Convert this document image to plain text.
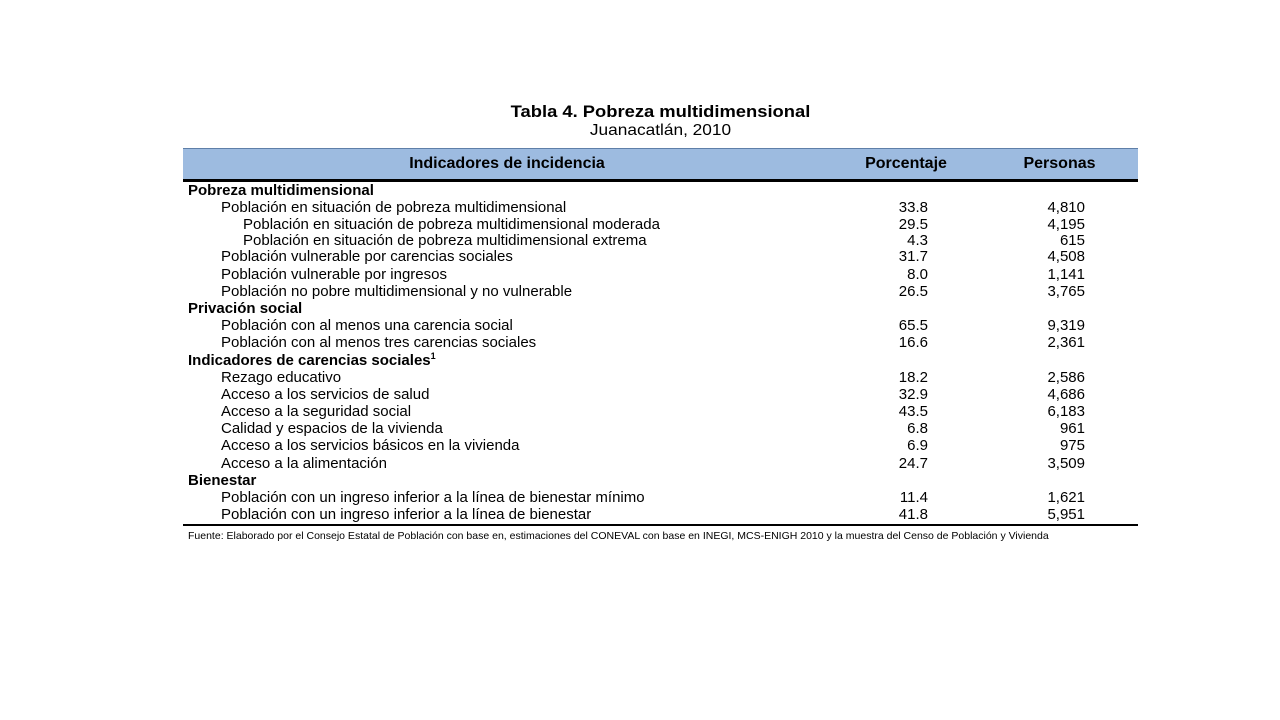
Tabla 4. Pobreza multidimensional
Juanacatlán, 2010
Indicadores de incidencia	Porcentaje	Personas
Pobreza multidimensional
Población en situación de pobreza multidimensional	33.8	4,810
Población en situación de pobreza multidimensional moderada	29.5	4,195
Población en situación de pobreza multidimensional extrema	4.3	615
Población vulnerable por carencias sociales	31.7	4,508
Población vulnerable por ingresos	8.0	1,141
Población no pobre multidimensional y no vulnerable	26.5	3,765
Privación social
Población con al menos una carencia social	65.5	9,319
Población con al menos tres carencias sociales	16.6	2,361
Indicadores de carencias sociales$^1$
Rezago educativo	18.2	2,586
Acceso a los servicios de salud	32.9	4,686
Acceso a la seguridad social	43.5	6,183
Calidad y espacios de la vivienda	6.8	961
Acceso a los servicios básicos en la vivienda	6.9	975
Acceso a la alimentación	24.7	3,509
Bienestar
Población con un ingreso inferior a la línea de bienestar mínimo	11.4	1,621
Población con un ingreso inferior a la línea de bienestar	41.8	5,951
Fuente: Elaborado por el Consejo Estatal de Población con base en, estimaciones del CONEVAL con base en INEGI, MCS-ENIGH 2010 y la muestra del Censo de Población y Vivienda
